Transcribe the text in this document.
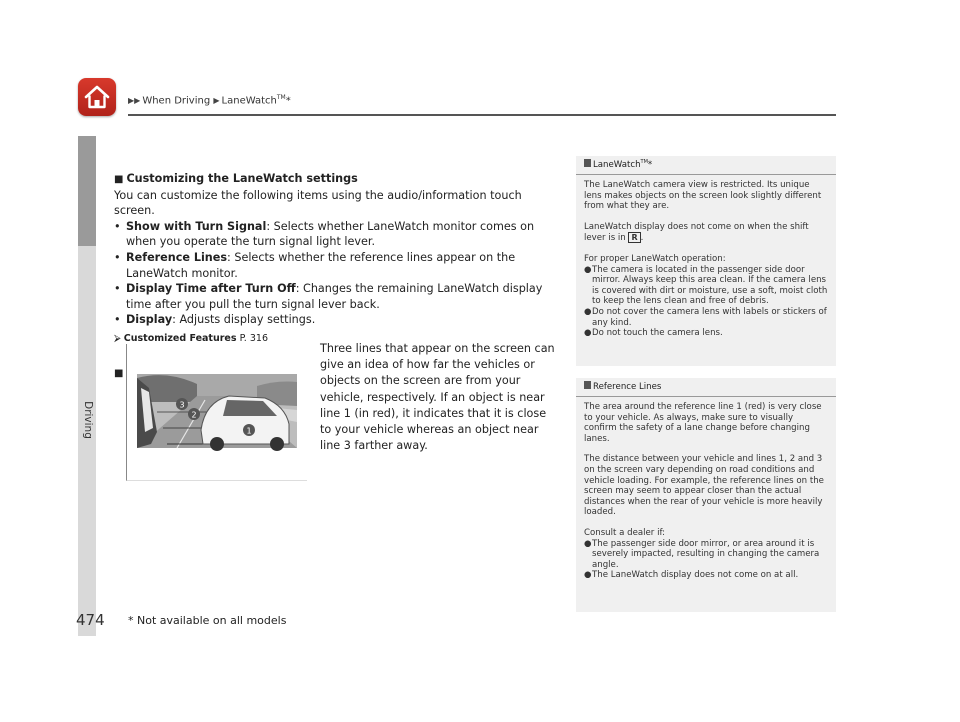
▶▶ When Driving ▶ LaneWatch™*
Driving
■ Customizing the LaneWatch settings
You can customize the following items using the audio/information touch screen.
• Show with Turn Signal: Selects whether LaneWatch monitor comes on when you operate the turn signal light lever.
• Reference Lines: Selects whether the reference lines appear on the LaneWatch monitor.
• Display Time after Turn Off: Changes the remaining LaneWatch display time after you pull the turn signal lever back.
• Display: Adjusts display settings.
⮚ Customized Features P. 316
■
3
2
1
Three lines that appear on the screen can give an idea of how far the vehicles or objects on the screen are from your vehicle, respectively. If an object is near line 1 (in red), it indicates that it is close to your vehicle whereas an object near line 3 farther away.
LaneWatch™*

The LaneWatch camera view is restricted. Its unique lens makes objects on the screen look slightly different from what they are.

LaneWatch display does not come on when the shift lever is in R .

For proper LaneWatch operation:
● The camera is located in the passenger side door mirror. Always keep this area clean. If the camera lens is covered with dirt or moisture, use a soft, moist cloth to keep the lens clean and free of debris.
● Do not cover the camera lens with labels or stickers of any kind.
● Do not touch the camera lens.
Reference Lines

The area around the reference line 1 (red) is very close to your vehicle. As always, make sure to visually confirm the safety of a lane change before changing lanes.

The distance between your vehicle and lines 1, 2 and 3 on the screen vary depending on road conditions and vehicle loading. For example, the reference lines on the screen may seem to appear closer than the actual distances when the rear of your vehicle is more heavily loaded.

Consult a dealer if:
● The passenger side door mirror, or area around it is severely impacted, resulting in changing the camera angle.
● The LaneWatch display does not come on at all.
474 * Not available on all models
